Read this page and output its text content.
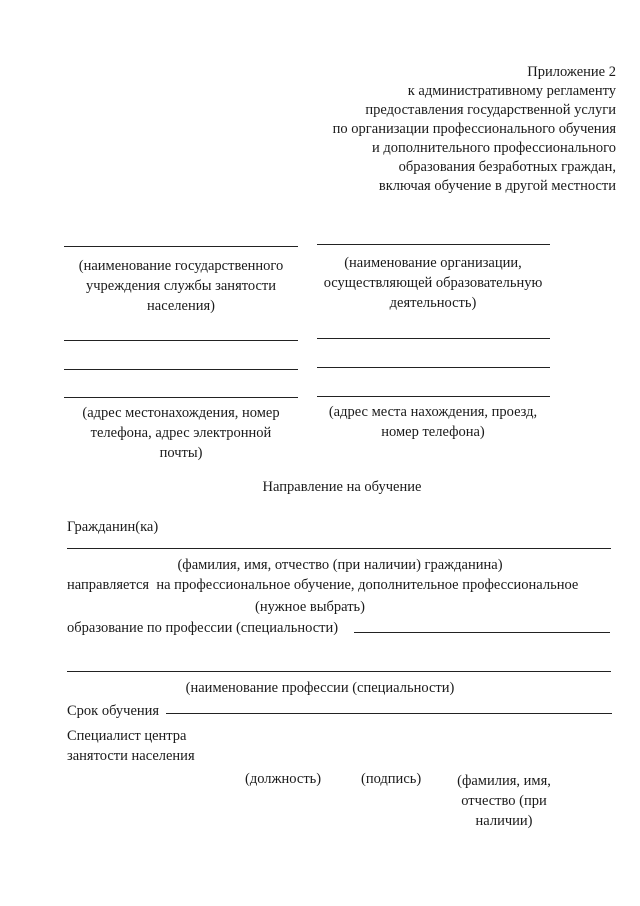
Приложение 2
к административному регламенту
предоставления государственной услуги
по организации профессионального обучения
и дополнительного профессионального
образования безработных граждан,
включая обучение в другой местности
(наименование государственного
учреждения службы занятости
населения)
(адрес местонахождения, номер
телефона, адрес электронной
почты)
(наименование организации,
осуществляющей образовательную
деятельность)
(адрес места нахождения, проезд,
номер телефона)
Направление на обучение
Гражданин(ка)
(фамилия, имя, отчество (при наличии) гражданина)
направляется  на профессиональное обучение, дополнительное профессиональное
(нужное выбрать)
образование по профессии (специальности)
(наименование профессии (специальности)
Срок обучения
Специалист центра
занятости населения
(должность)	(подпись)	(фамилия, имя,
отчество (при
наличии)
